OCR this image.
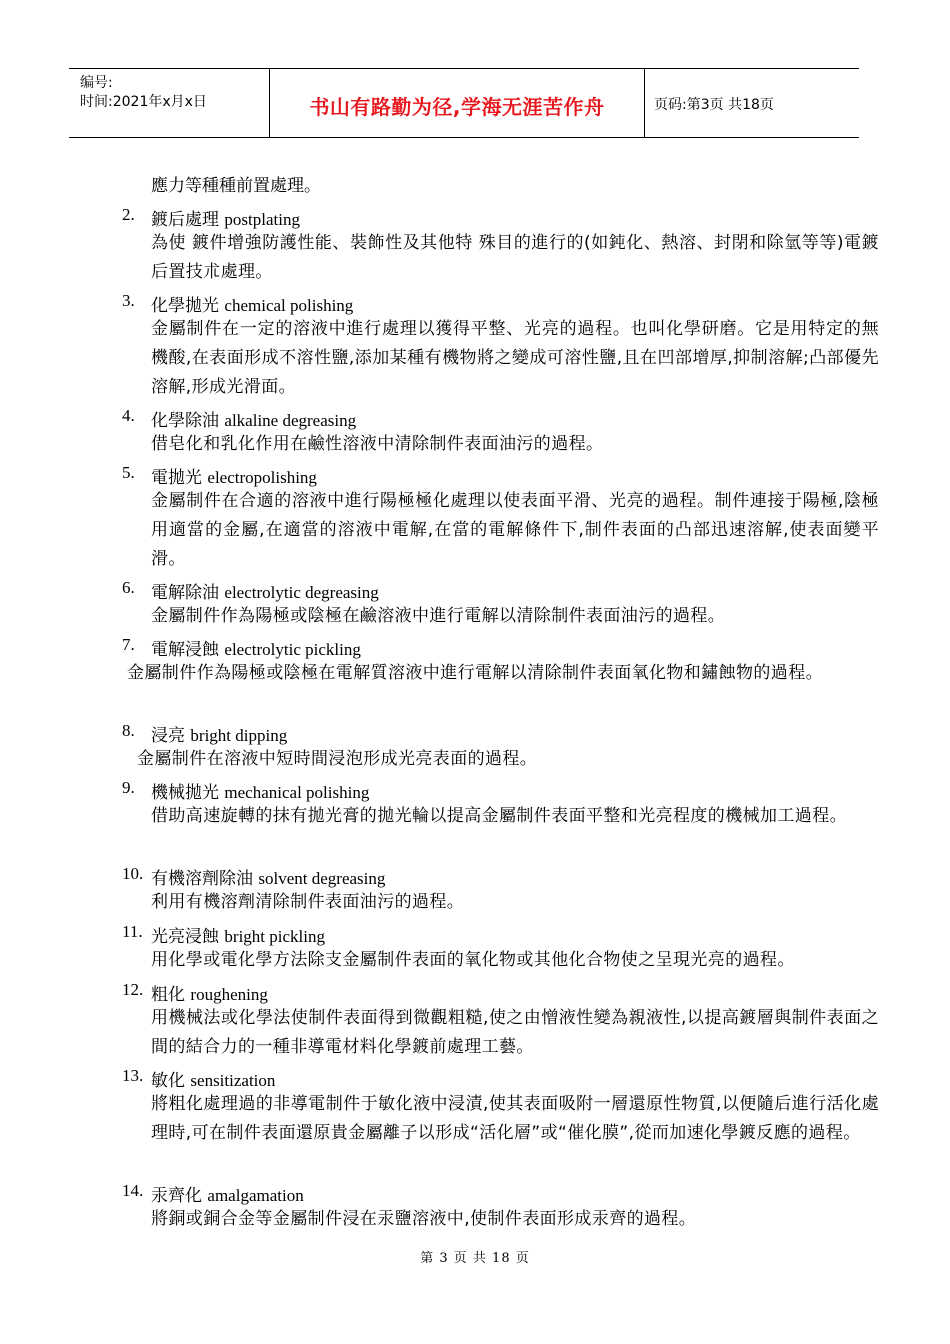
编号:
时间:2021年x月x日	书山有路勤为径,学海无涯苦作舟	页码:第3页 共18页
應力等種種前置處理。
2. 鍍后處理 postplating
為使 鍍件增強防護性能、裝飾性及其他特 殊目的進行的(如鈍化、熱溶、封閉和除氫等等)電鍍后置技朮處理。
3. 化學拋光 chemical polishing
金屬制件在一定的溶液中進行處理以獲得平整、光亮的過程。也叫化學研磨。它是用特定的無機酸,在表面形成不溶性鹽,添加某種有機物將之變成可溶性鹽,且在凹部增厚,抑制溶解;凸部優先溶解,形成光滑面。
4. 化學除油 alkaline degreasing
借皂化和乳化作用在鹼性溶液中清除制件表面油污的過程。
5. 電拋光 electropolishing
金屬制件在合適的溶液中進行陽極極化處理以使表面平滑、光亮的過程。制件連接于陽極,陰極用適當的金屬,在適當的溶液中電解,在當的電解條件下,制件表面的凸部迅速溶解,使表面變平滑。
6. 電解除油 electrolytic degreasing
金屬制件作為陽極或陰極在鹼溶液中進行電解以清除制件表面油污的過程。
7. 電解浸蝕 electrolytic pickling
金屬制件作為陽極或陰極在電解質溶液中進行電解以清除制件表面氧化物和鏽蝕物的過程。
8. 浸亮 bright dipping
金屬制件在溶液中短時間浸泡形成光亮表面的過程。
9. 機械拋光 mechanical polishing
借助高速旋轉的抹有拋光膏的拋光輪以提高金屬制件表面平整和光亮程度的機械加工過程。
10. 有機溶劑除油 solvent degreasing
利用有機溶劑清除制件表面油污的過程。
11. 光亮浸蝕 bright pickling
用化學或電化學方法除支金屬制件表面的氧化物或其他化合物使之呈現光亮的過程。
12. 粗化 roughening
用機械法或化學法使制件表面得到微觀粗糙,使之由憎液性變為親液性,以提高鍍層與制件表面之間的結合力的一種非導電材料化學鍍前處理工藝。
13. 敏化 sensitization
將粗化處理過的非導電制件于敏化液中浸漬,使其表面吸附一層還原性物質,以便隨后進行活化處理時,可在制件表面還原貴金屬離子以形成“活化層”或“催化膜”,從而加速化學鍍反應的過程。
14. 汞齊化 amalgamation
將銅或銅合金等金屬制件浸在汞鹽溶液中,使制件表面形成汞齊的過程。
第 3 页 共 18 页
